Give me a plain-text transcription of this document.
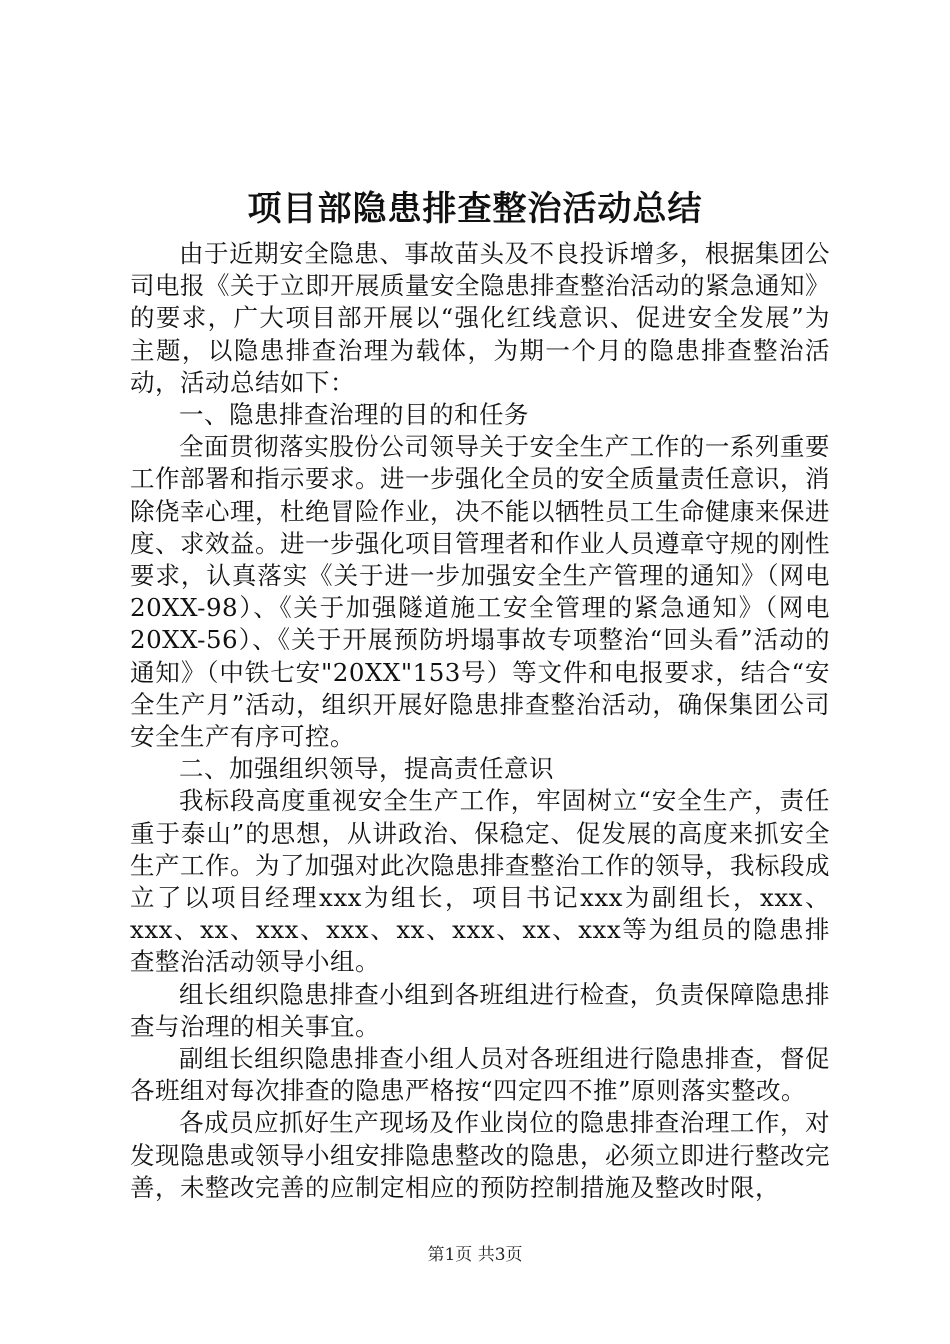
项目部隐患排查整治活动总结

由于近期安全隐患、事故苗头及不良投诉增多，根据集团公司电报《关于立即开展质量安全隐患排查整治活动的紧急通知》的要求，广大项目部开展以“强化红线意识、促进安全发展”为主题，以隐患排查治理为载体，为期一个月的隐患排查整治活动，活动总结如下：

一、隐患排查治理的目的和任务

全面贯彻落实股份公司领导关于安全生产工作的一系列重要工作部署和指示要求。进一步强化全员的安全质量责任意识，消除侥幸心理，杜绝冒险作业，决不能以牺牲员工生命健康来保进度、求效益。进一步强化项目管理者和作业人员遵章守规的刚性要求，认真落实《关于进一步加强安全生产管理的通知》（网电20XX-98）、《关于加强隧道施工安全管理的紧急通知》（网电20XX-56）、《关于开展预防坍塌事故专项整治“回头看”活动的通知》（中铁七安"20XX"153号）等文件和电报要求，结合“安全生产月”活动，组织开展好隐患排查整治活动，确保集团公司安全生产有序可控。

二、加强组织领导，提高责任意识

我标段高度重视安全生产工作，牢固树立“安全生产，责任重于泰山”的思想，从讲政治、保稳定、促发展的高度来抓安全生产工作。为了加强对此次隐患排查整治工作的领导，我标段成立了以项目经理xxx为组长，项目书记xxx为副组长，xxx、xxx、xx、xxx、xxx、xx、xxx、xx、xxx等为组员的隐患排查整治活动领导小组。

组长组织隐患排查小组到各班组进行检查，负责保障隐患排查与治理的相关事宜。

副组长组织隐患排查小组人员对各班组进行隐患排查，督促各班组对每次排查的隐患严格按“四定四不推”原则落实整改。

各成员应抓好生产现场及作业岗位的隐患排查治理工作，对发现隐患或领导小组安排隐患整改的隐患，必须立即进行整改完善，未整改完善的应制定相应的预防控制措施及整改时限，

第1页 共3页
